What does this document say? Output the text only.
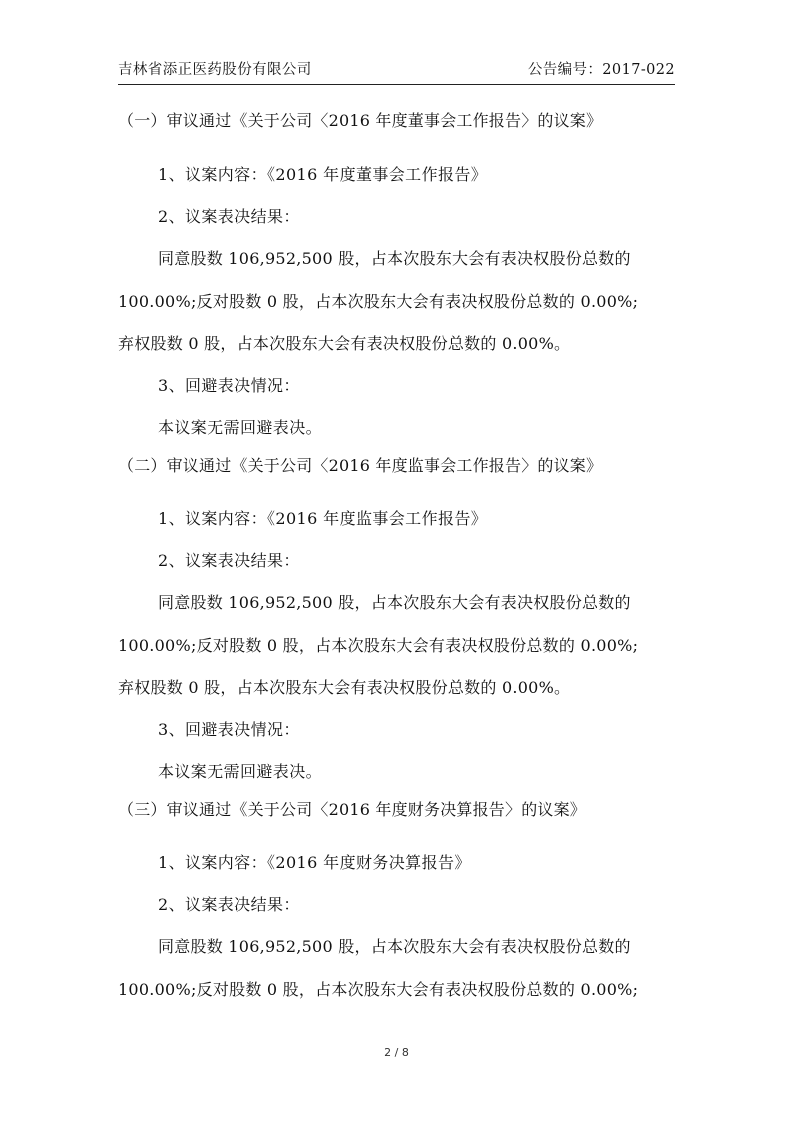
吉林省添正医药股份有限公司	公告编号：2017-022
（一）审议通过《关于公司〈2016 年度董事会工作报告〉的议案》
1、议案内容：《2016 年度董事会工作报告》
2、议案表决结果：
同意股数 106,952,500 股，占本次股东大会有表决权股份总数的
100.00%;反对股数 0 股，占本次股东大会有表决权股份总数的 0.00%;
弃权股数 0 股，占本次股东大会有表决权股份总数的 0.00%。
3、回避表决情况：
本议案无需回避表决。
（二）审议通过《关于公司〈2016 年度监事会工作报告〉的议案》
1、议案内容：《2016 年度监事会工作报告》
2、议案表决结果：
同意股数 106,952,500 股，占本次股东大会有表决权股份总数的
100.00%;反对股数 0 股，占本次股东大会有表决权股份总数的 0.00%;
弃权股数 0 股，占本次股东大会有表决权股份总数的 0.00%。
3、回避表决情况：
本议案无需回避表决。
（三）审议通过《关于公司〈2016 年度财务决算报告〉的议案》
1、议案内容：《2016 年度财务决算报告》
2、议案表决结果：
同意股数 106,952,500 股，占本次股东大会有表决权股份总数的
100.00%;反对股数 0 股，占本次股东大会有表决权股份总数的 0.00%;
2 / 8
